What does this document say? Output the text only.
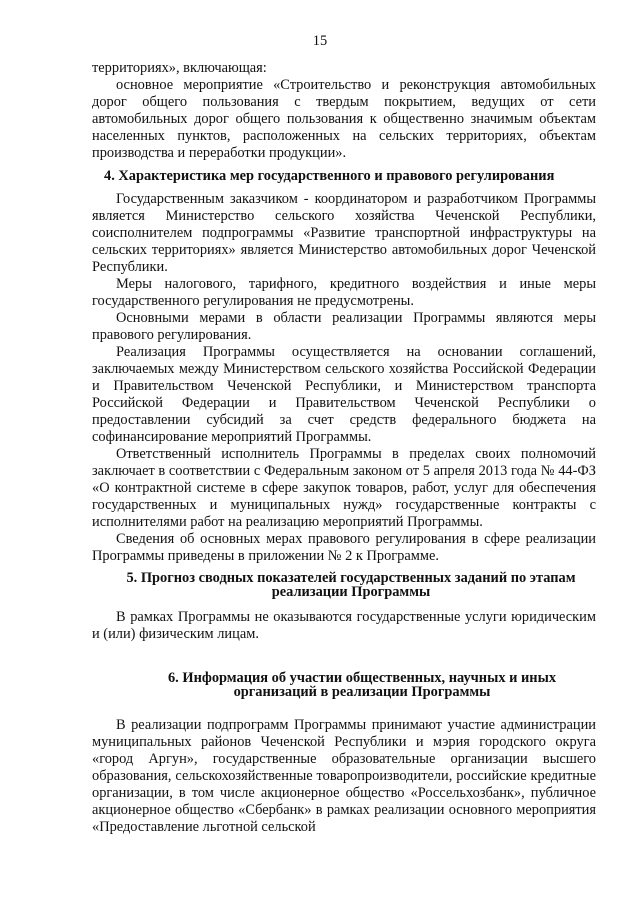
15

территориях», включающая:

основное мероприятие «Строительство и реконструкция автомобильных дорог общего пользования с твердым покрытием, ведущих от сети автомобильных дорог общего пользования к общественно значимым объектам населенных пунктов, расположенных на сельских территориях, объектам производства и переработки продукции».

4. Характеристика мер государственного и правового регулирования

Государственным заказчиком - координатором и разработчиком Программы является Министерство сельского хозяйства Чеченской Республики, соисполнителем подпрограммы «Развитие транспортной инфраструктуры на сельских территориях» является Министерство автомобильных дорог Чеченской Республики.

Меры налогового, тарифного, кредитного воздействия и иные меры государственного регулирования не предусмотрены.

Основными мерами в области реализации Программы являются меры правового регулирования.

Реализация Программы осуществляется на основании соглашений, заключаемых между Министерством сельского хозяйства Российской Федерации и Правительством Чеченской Республики, и Министерством транспорта Российской Федерации и Правительством Чеченской Республики о предоставлении субсидий за счет средств федерального бюджета на софинансирование мероприятий Программы.

Ответственный исполнитель Программы в пределах своих полномочий заключает в соответствии с Федеральным законом от 5 апреля 2013 года № 44-ФЗ «О контрактной системе в сфере закупок товаров, работ, услуг для обеспечения государственных и муниципальных нужд» государственные контракты с исполнителями работ на реализацию мероприятий Программы.

Сведения об основных мерах правового регулирования в сфере реализации Программы приведены в приложении № 2 к Программе.

5. Прогноз сводных показателей государственных заданий по этапам
реализации Программы

В рамках Программы не оказываются государственные услуги юридическим и (или) физическим лицам.

6. Информация об участии общественных, научных и иных
организаций в реализации Программы

В реализации подпрограмм Программы принимают участие администрации муниципальных районов Чеченской Республики и мэрия городского округа «город Аргун», государственные образовательные организации высшего образования, сельскохозяйственные товаропроизводители, российские кредитные организации, в том числе акционерное общество «Россельхозбанк», публичное акционерное общество «Сбербанк» в рамках реализации основного мероприятия «Предоставление льготной сельской
